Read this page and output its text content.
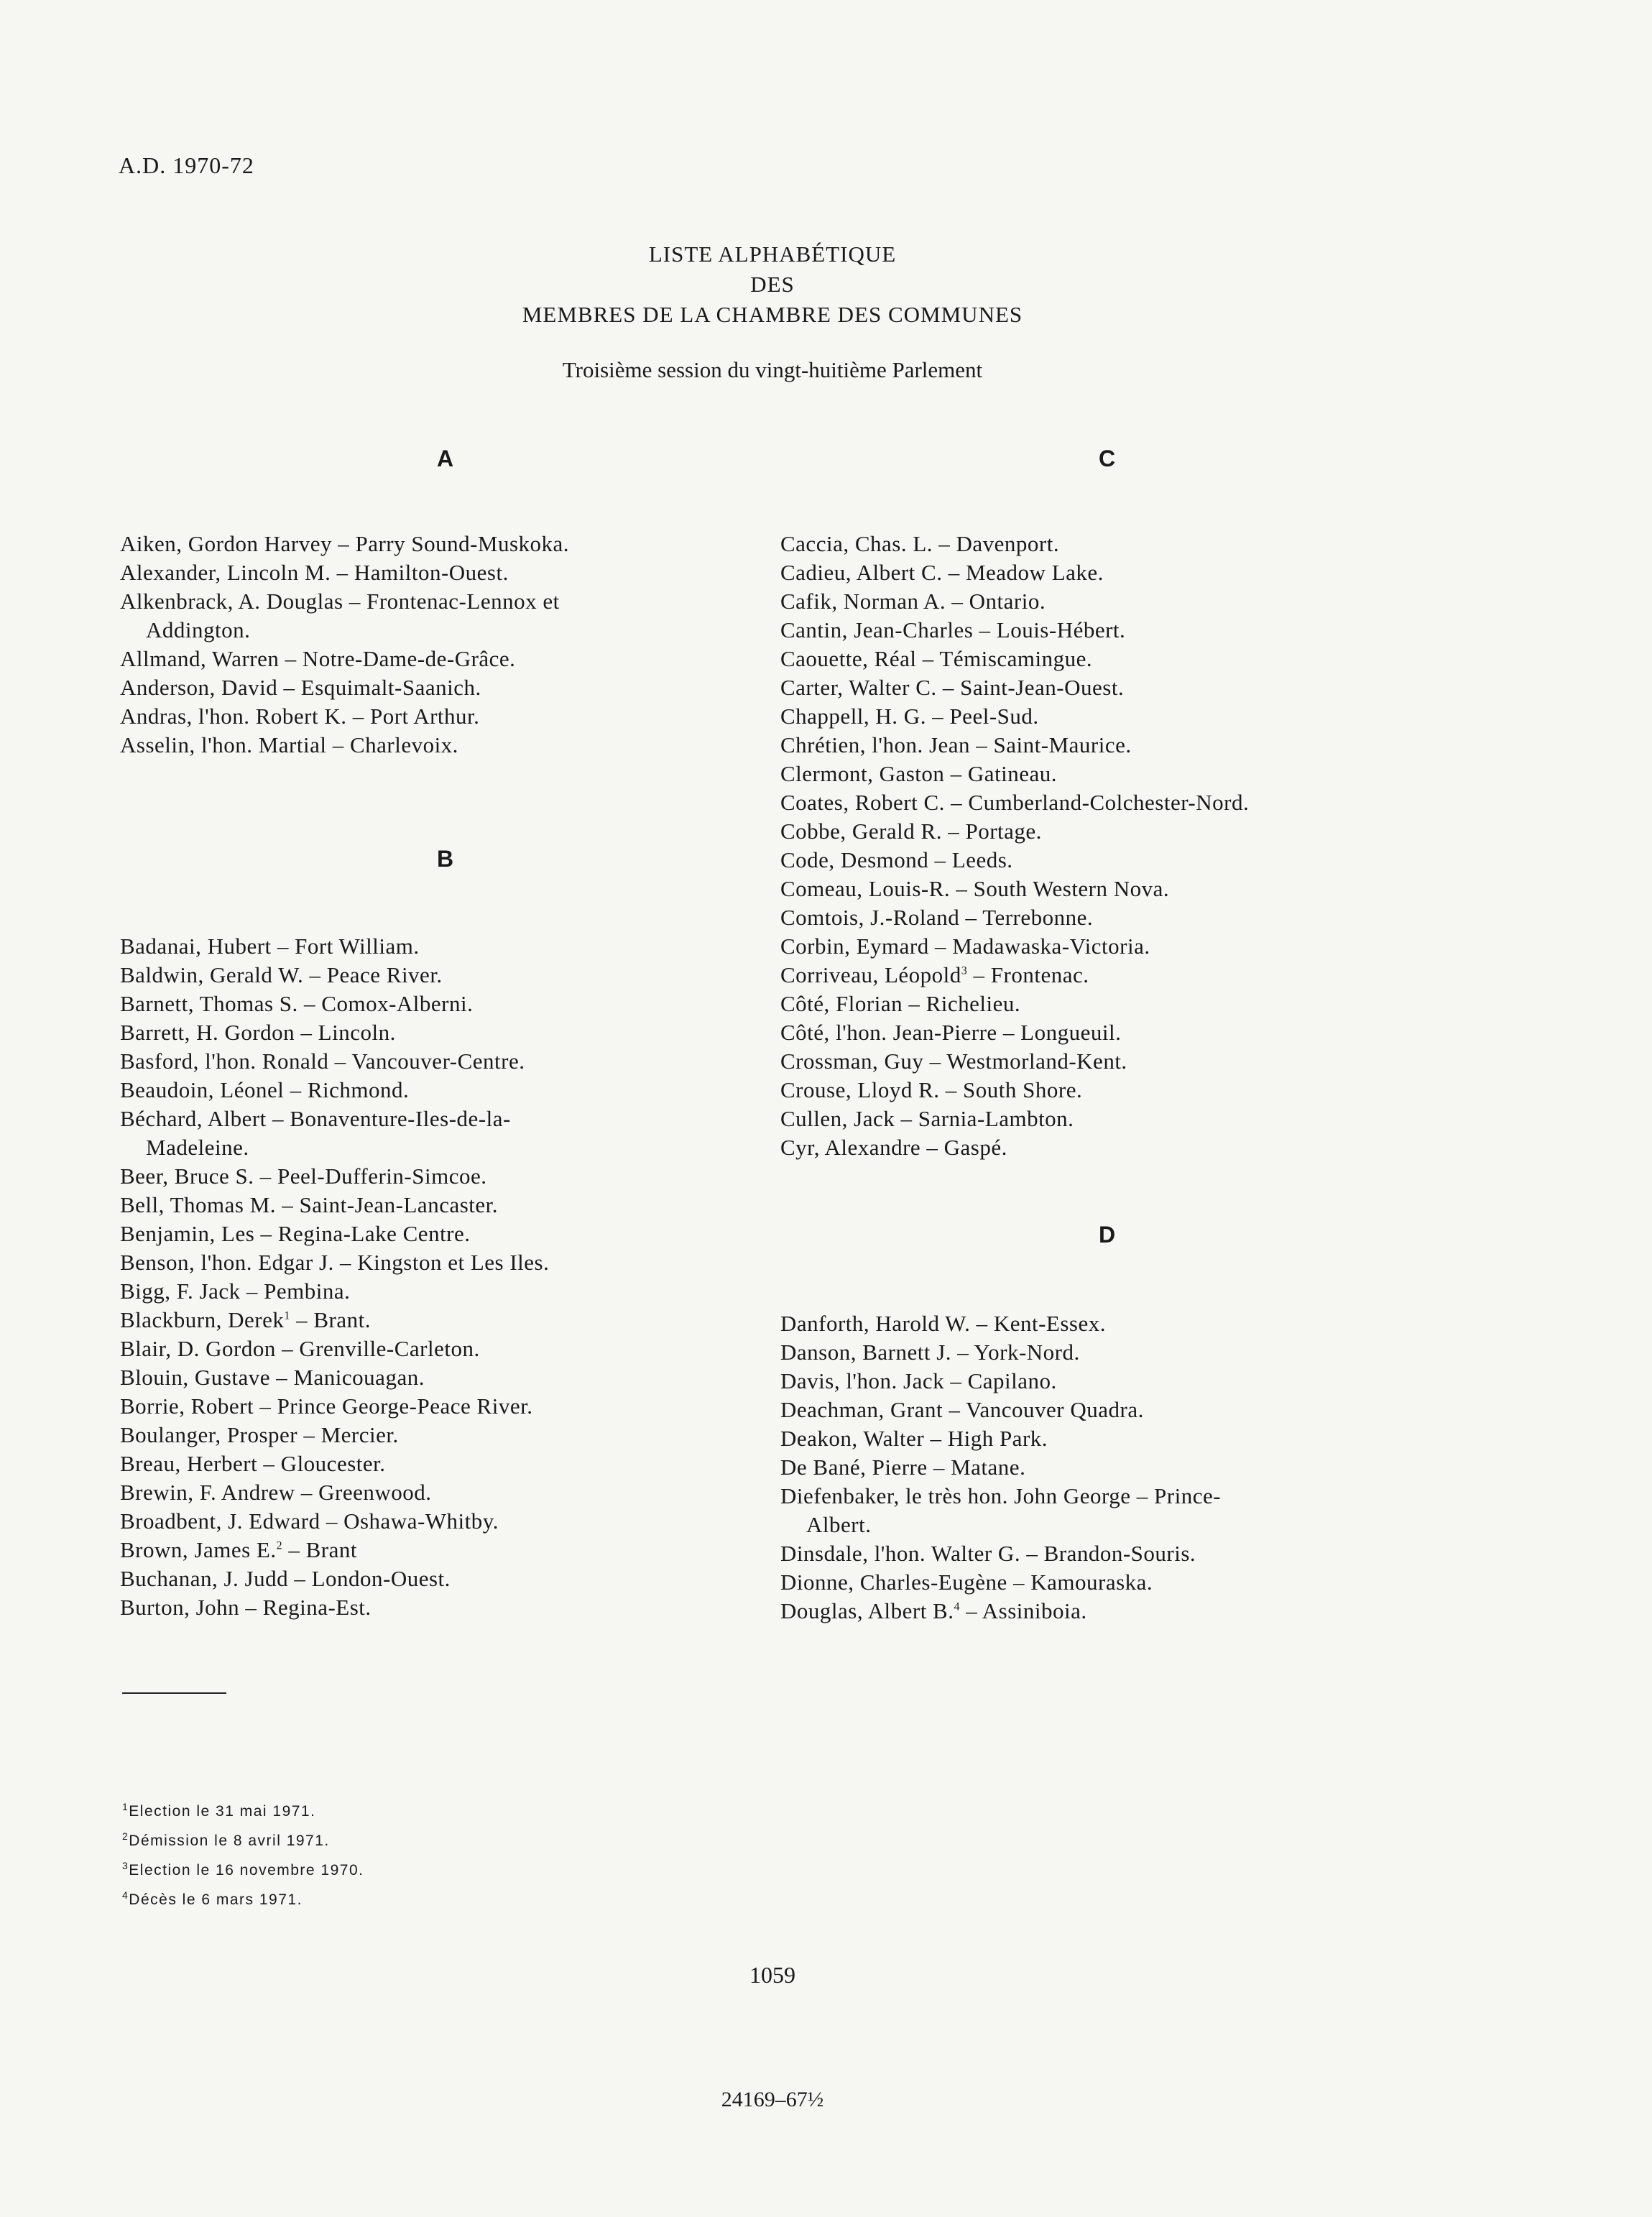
A.D. 1970-72
LISTE ALPHABÉTIQUE
DES
MEMBRES DE LA CHAMBRE DES COMMUNES
Troisième session du vingt-huitième Parlement
A
Aiken, Gordon Harvey – Parry Sound-Muskoka.
Alexander, Lincoln M. – Hamilton-Ouest.
Alkenbrack, A. Douglas – Frontenac-Lennox et
Addington.
Allmand, Warren – Notre-Dame-de-Grâce.
Anderson, David – Esquimalt-Saanich.
Andras, l'hon. Robert K. – Port Arthur.
Asselin, l'hon. Martial – Charlevoix.
B
Badanai, Hubert – Fort William.
Baldwin, Gerald W. – Peace River.
Barnett, Thomas S. – Comox-Alberni.
Barrett, H. Gordon – Lincoln.
Basford, l'hon. Ronald – Vancouver-Centre.
Beaudoin, Léonel – Richmond.
Béchard, Albert – Bonaventure-Iles-de-la-
Madeleine.
Beer, Bruce S. – Peel-Dufferin-Simcoe.
Bell, Thomas M. – Saint-Jean-Lancaster.
Benjamin, Les – Regina-Lake Centre.
Benson, l'hon. Edgar J. – Kingston et Les Iles.
Bigg, F. Jack – Pembina.
Blackburn, Derek$^1$ – Brant.
Blair, D. Gordon – Grenville-Carleton.
Blouin, Gustave – Manicouagan.
Borrie, Robert – Prince George-Peace River.
Boulanger, Prosper – Mercier.
Breau, Herbert – Gloucester.
Brewin, F. Andrew – Greenwood.
Broadbent, J. Edward – Oshawa-Whitby.
Brown, James E.$^2$ – Brant
Buchanan, J. Judd – London-Ouest.
Burton, John – Regina-Est.
C
Caccia, Chas. L. – Davenport.
Cadieu, Albert C. – Meadow Lake.
Cafik, Norman A. – Ontario.
Cantin, Jean-Charles – Louis-Hébert.
Caouette, Réal – Témiscamingue.
Carter, Walter C. – Saint-Jean-Ouest.
Chappell, H. G. – Peel-Sud.
Chrétien, l'hon. Jean – Saint-Maurice.
Clermont, Gaston – Gatineau.
Coates, Robert C. – Cumberland-Colchester-Nord.
Cobbe, Gerald R. – Portage.
Code, Desmond – Leeds.
Comeau, Louis-R. – South Western Nova.
Comtois, J.-Roland – Terrebonne.
Corbin, Eymard – Madawaska-Victoria.
Corriveau, Léopold$^3$ – Frontenac.
Côté, Florian – Richelieu.
Côté, l'hon. Jean-Pierre – Longueuil.
Crossman, Guy – Westmorland-Kent.
Crouse, Lloyd R. – South Shore.
Cullen, Jack – Sarnia-Lambton.
Cyr, Alexandre – Gaspé.
D
Danforth, Harold W. – Kent-Essex.
Danson, Barnett J. – York-Nord.
Davis, l'hon. Jack – Capilano.
Deachman, Grant – Vancouver Quadra.
Deakon, Walter – High Park.
De Bané, Pierre – Matane.
Diefenbaker, le très hon. John George – Prince-
Albert.
Dinsdale, l'hon. Walter G. – Brandon-Souris.
Dionne, Charles-Eugène – Kamouraska.
Douglas, Albert B.$^4$ – Assiniboia.
$^1$Election le 31 mai 1971.
$^2$Démission le 8 avril 1971.
$^3$Election le 16 novembre 1970.
$^4$Décès le 6 mars 1971.
1059
24169–67½
